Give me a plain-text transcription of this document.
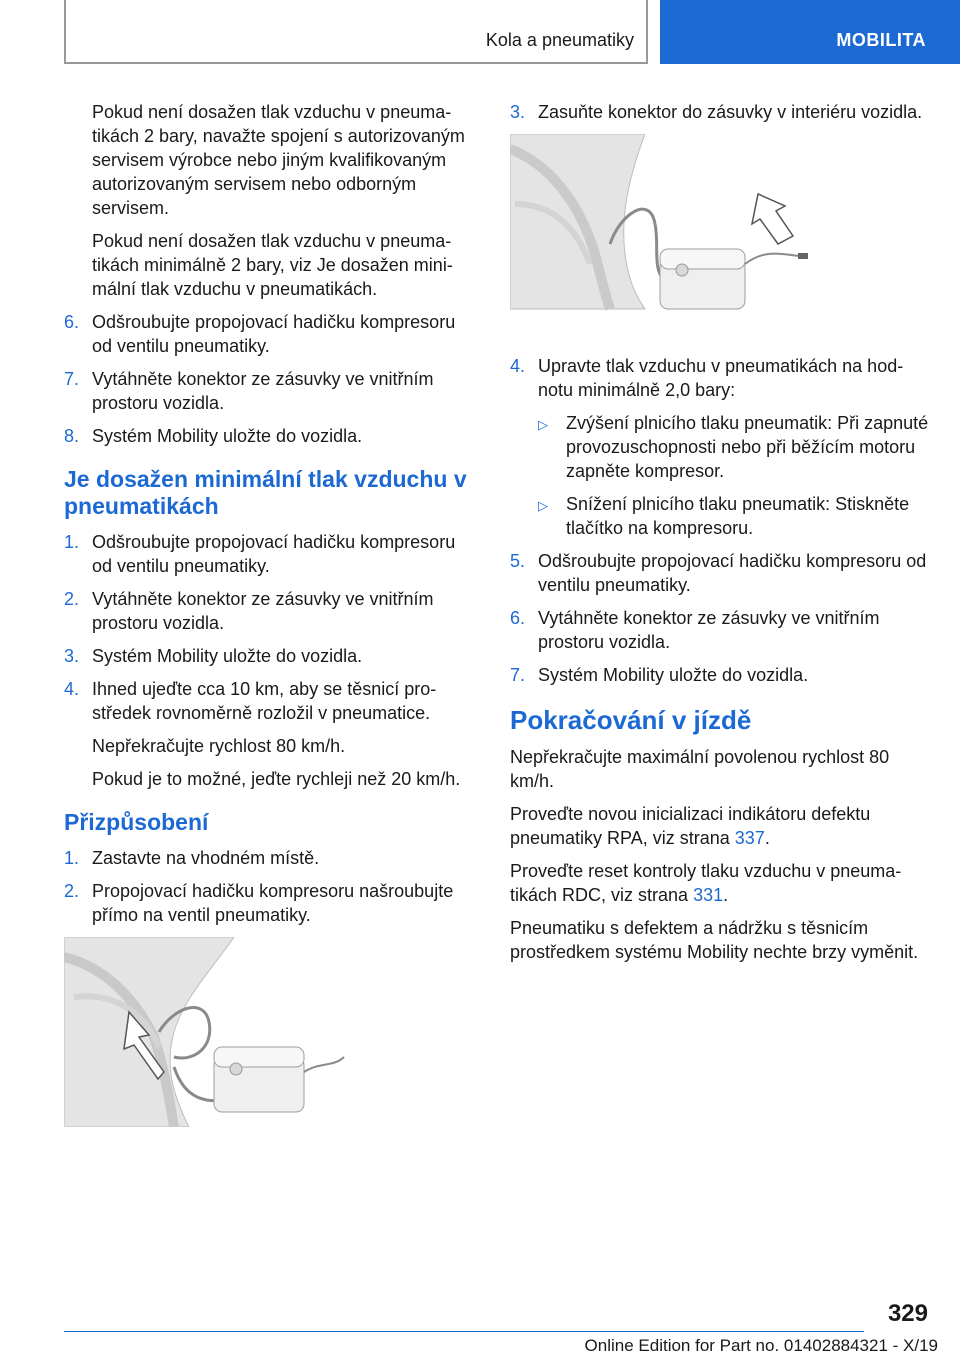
Kola a pneumatiky	MOBILITA

Pokud není dosažen tlak vzduchu v pneumatikách 2 bary, navažte spojení s autorizovaným servisem výrobce nebo jiným kvalifikovaným autorizovaným servisem nebo odborným servisem.

Pokud není dosažen tlak vzduchu v pneumatikách minimálně 2 bary, viz Je dosažen minimální tlak vzduchu v pneumatikách.

6. Odšroubujte propojovací hadičku kompresoru od ventilu pneumatiky.
7. Vytáhněte konektor ze zásuvky ve vnitřním prostoru vozidla.
8. Systém Mobility uložte do vozidla.
Je dosažen minimální tlak vzduchu v pneumatikách
1. Odšroubujte propojovací hadičku kompresoru od ventilu pneumatiky.
2. Vytáhněte konektor ze zásuvky ve vnitřním prostoru vozidla.
3. Systém Mobility uložte do vozidla.
4. Ihned ujeďte cca 10 km, aby se těsnicí prostředek rovnoměrně rozložil v pneumatice.

Nepřekračujte rychlost 80 km/h.

Pokud je to možné, jeďte rychleji než 20 km/h.

Přizpůsobení
1. Zastavte na vhodném místě.
2. Propojovací hadičku kompresoru našroubujte přímo na ventil pneumatiky.
3. Zasuňte konektor do zásuvky v interiéru vozidla.
4. Upravte tlak vzduchu v pneumatikách na hodnotu minimálně 2,0 bary:
▷	Zvýšení plnicího tlaku pneumatik: Při zapnuté provozuschopnosti nebo při běžícím motoru zapněte kompresor.
▷	Snížení plnicího tlaku pneumatik: Stiskněte tlačítko na kompresoru.
5. Odšroubujte propojovací hadičku kompresoru od ventilu pneumatiky.
6. Vytáhněte konektor ze zásuvky ve vnitřním prostoru vozidla.
7. Systém Mobility uložte do vozidla.
Pokračování v jízdě

Nepřekračujte maximální povolenou rychlost 80 km/h.

Proveďte novou inicializaci indikátoru defektu pneumatiky RPA, viz strana 337.

Proveďte reset kontroly tlaku vzduchu v pneumatikách RDC, viz strana 331.

Pneumatiku s defektem a nádržku s těsnicím prostředkem systému Mobility nechte brzy vyměnit.

329
Online Edition for Part no. 01402884321 - X/19
